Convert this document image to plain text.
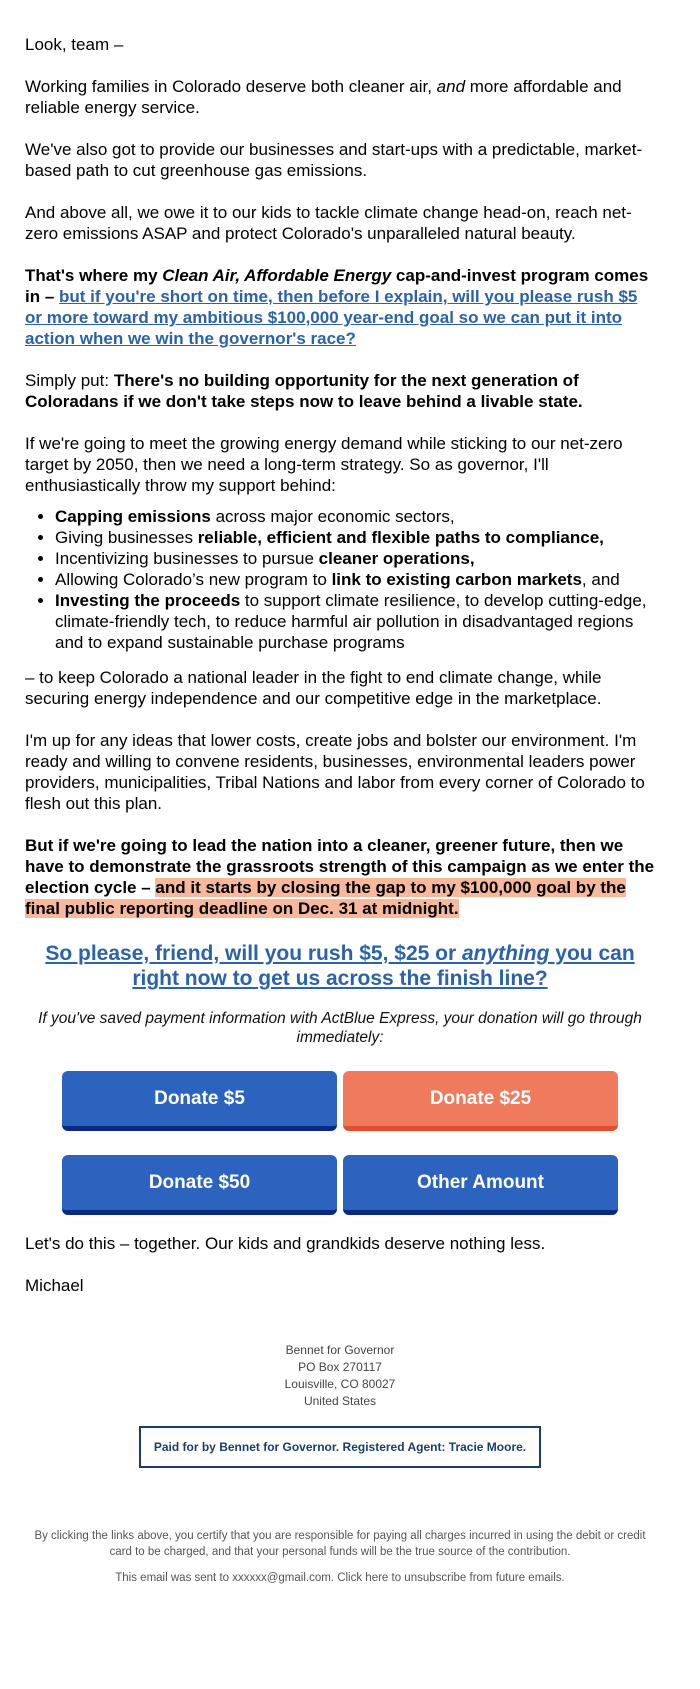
Look, team –

Working families in Colorado deserve both cleaner air, and more affordable and reliable energy service.

We've also got to provide our businesses and start-ups with a predictable, market-based path to cut greenhouse gas emissions.

And above all, we owe it to our kids to tackle climate change head-on, reach net-zero emissions ASAP and protect Colorado's unparalleled natural beauty.

That's where my Clean Air, Affordable Energy cap-and-invest program comes in – but if you're short on time, then before I explain, will you please rush $5 or more toward my ambitious $100,000 year-end goal so we can put it into action when we win the governor's race?

Simply put: There's no building opportunity for the next generation of Coloradans if we don't take steps now to leave behind a livable state.

If we're going to meet the growing energy demand while sticking to our net-zero target by 2050, then we need a long-term strategy. So as governor, I'll enthusiastically throw my support behind:

• Capping emissions across major economic sectors,
• Giving businesses reliable, efficient and flexible paths to compliance,
• Incentivizing businesses to pursue cleaner operations,
• Allowing Colorado’s new program to link to existing carbon markets, and
• Investing the proceeds to support climate resilience, to develop cutting-edge, climate-friendly tech, to reduce harmful air pollution in disadvantaged regions and to expand sustainable purchase programs

– to keep Colorado a national leader in the fight to end climate change, while securing energy independence and our competitive edge in the marketplace.

I'm up for any ideas that lower costs, create jobs and bolster our environment. I'm ready and willing to convene residents, businesses, environmental leaders power providers, municipalities, Tribal Nations and labor from every corner of Colorado to flesh out this plan.

But if we're going to lead the nation into a cleaner, greener future, then we have to demonstrate the grassroots strength of this campaign as we enter the election cycle – and it starts by closing the gap to my $100,000 goal by the final public reporting deadline on Dec. 31 at midnight.

So please, friend, will you rush $5, $25 or anything you can right now to get us across the finish line?

If you've saved payment information with ActBlue Express, your donation will go through immediately:

Donate $5	Donate $25
Donate $50	Other Amount

Let's do this – together. Our kids and grandkids deserve nothing less.

Michael

Bennet for Governor
PO Box 270117
Louisville, CO 80027
United States
Paid for by Bennet for Governor. Registered Agent: Tracie Moore.

By clicking the links above, you certify that you are responsible for paying all charges incurred in using the debit or credit card to be charged, and that your personal funds will be the true source of the contribution.

This email was sent to xxxxxx@gmail.com. Click here to unsubscribe from future emails.
